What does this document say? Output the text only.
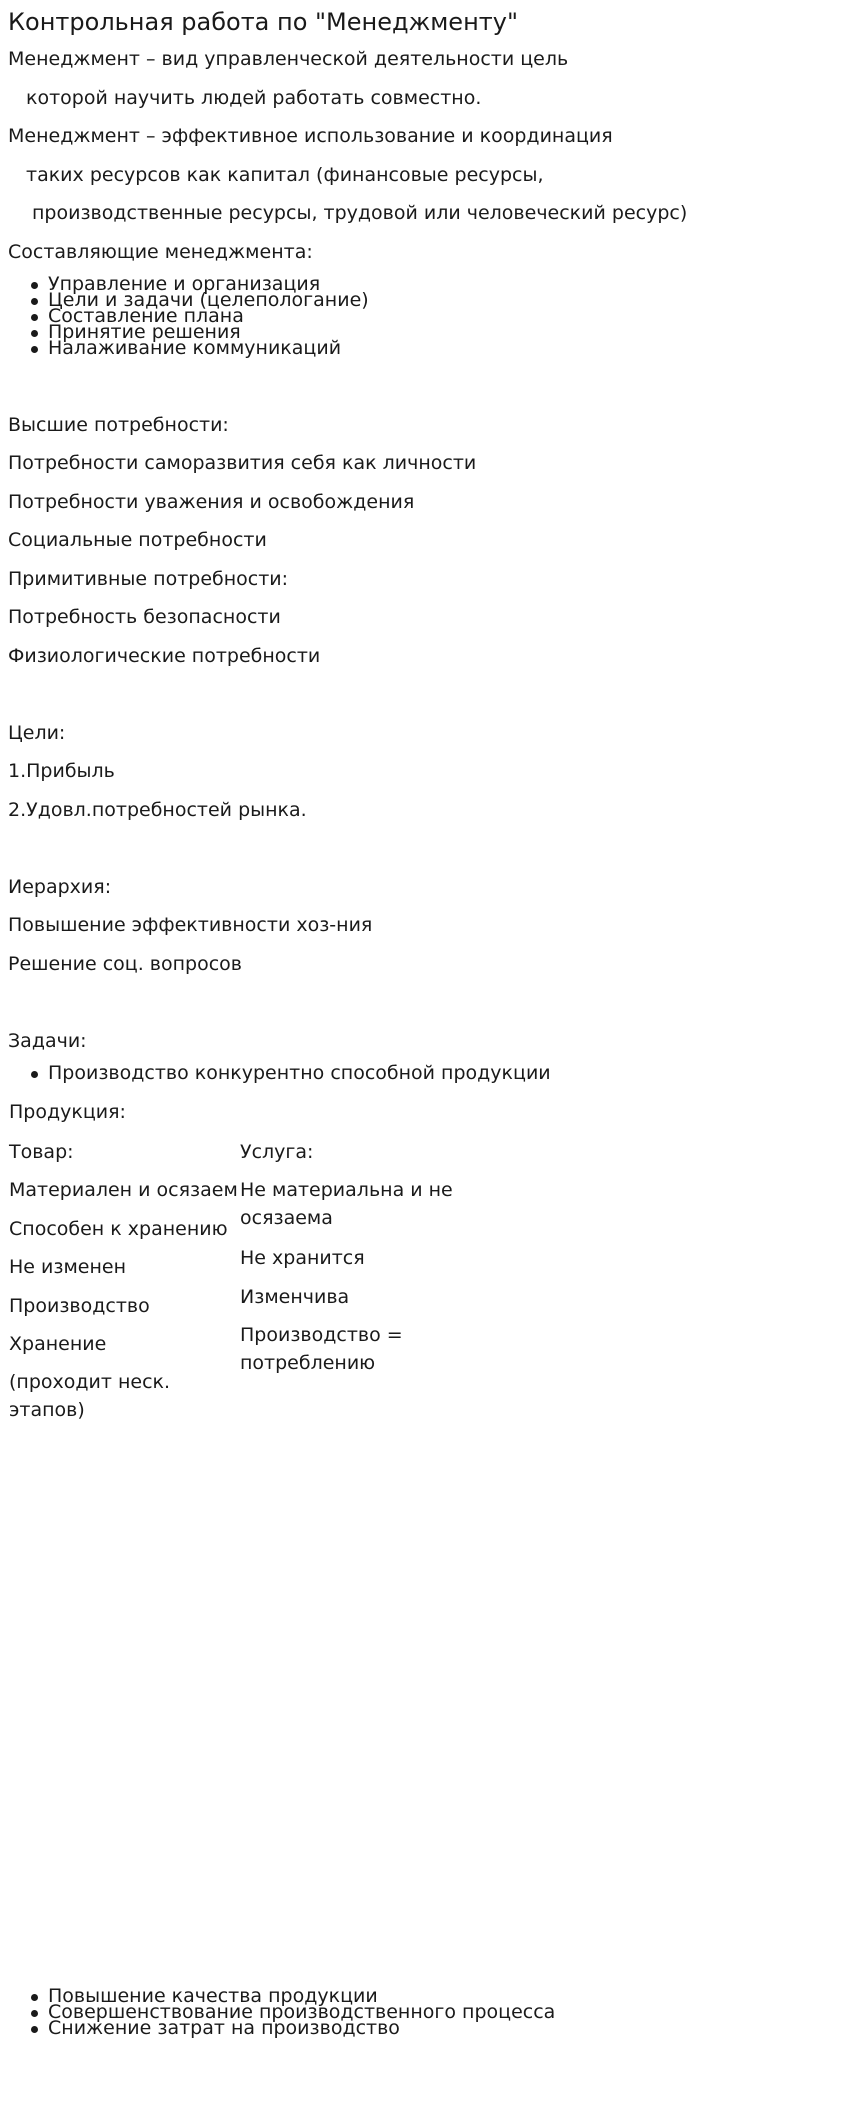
Контрольная работа по "Менеджменту"
Менеджмент – вид управленческой деятельности цель
которой научить людей работать совместно.
Менеджмент – эффективное использование и координация
таких ресурсов как капитал (финансовые ресурсы,
производственные ресурсы, трудовой или человеческий ресурс)
Составляющие менеджмента:
Управление и организация
Цели и задачи (целепологание)
Составление плана
Принятие решения
Налаживание коммуникаций
Высшие потребности:
Потребности саморазвития себя как личности
Потребности уважения и освобождения
Социальные потребности
Примитивные потребности:
Потребность безопасности
Физиологические потребности
Цели:
1.Прибыль
2.Удовл.потребностей рынка.
Иерархия:
Повышение эффективности хоз-ния
Решение соц. вопросов
Задачи:
Производство конкурентно способной продукции
Продукция:
Товар:
Материален и осязаем
Способен к хранению
Не изменен
Производство
Хранение
(проходит неск. этапов)
Услуга:
Не материальна и не осязаема
Не хранится
Изменчива
Производство = потреблению
Повышение качества продукции
Совершенствование производственного процесса
Снижение затрат на производство
